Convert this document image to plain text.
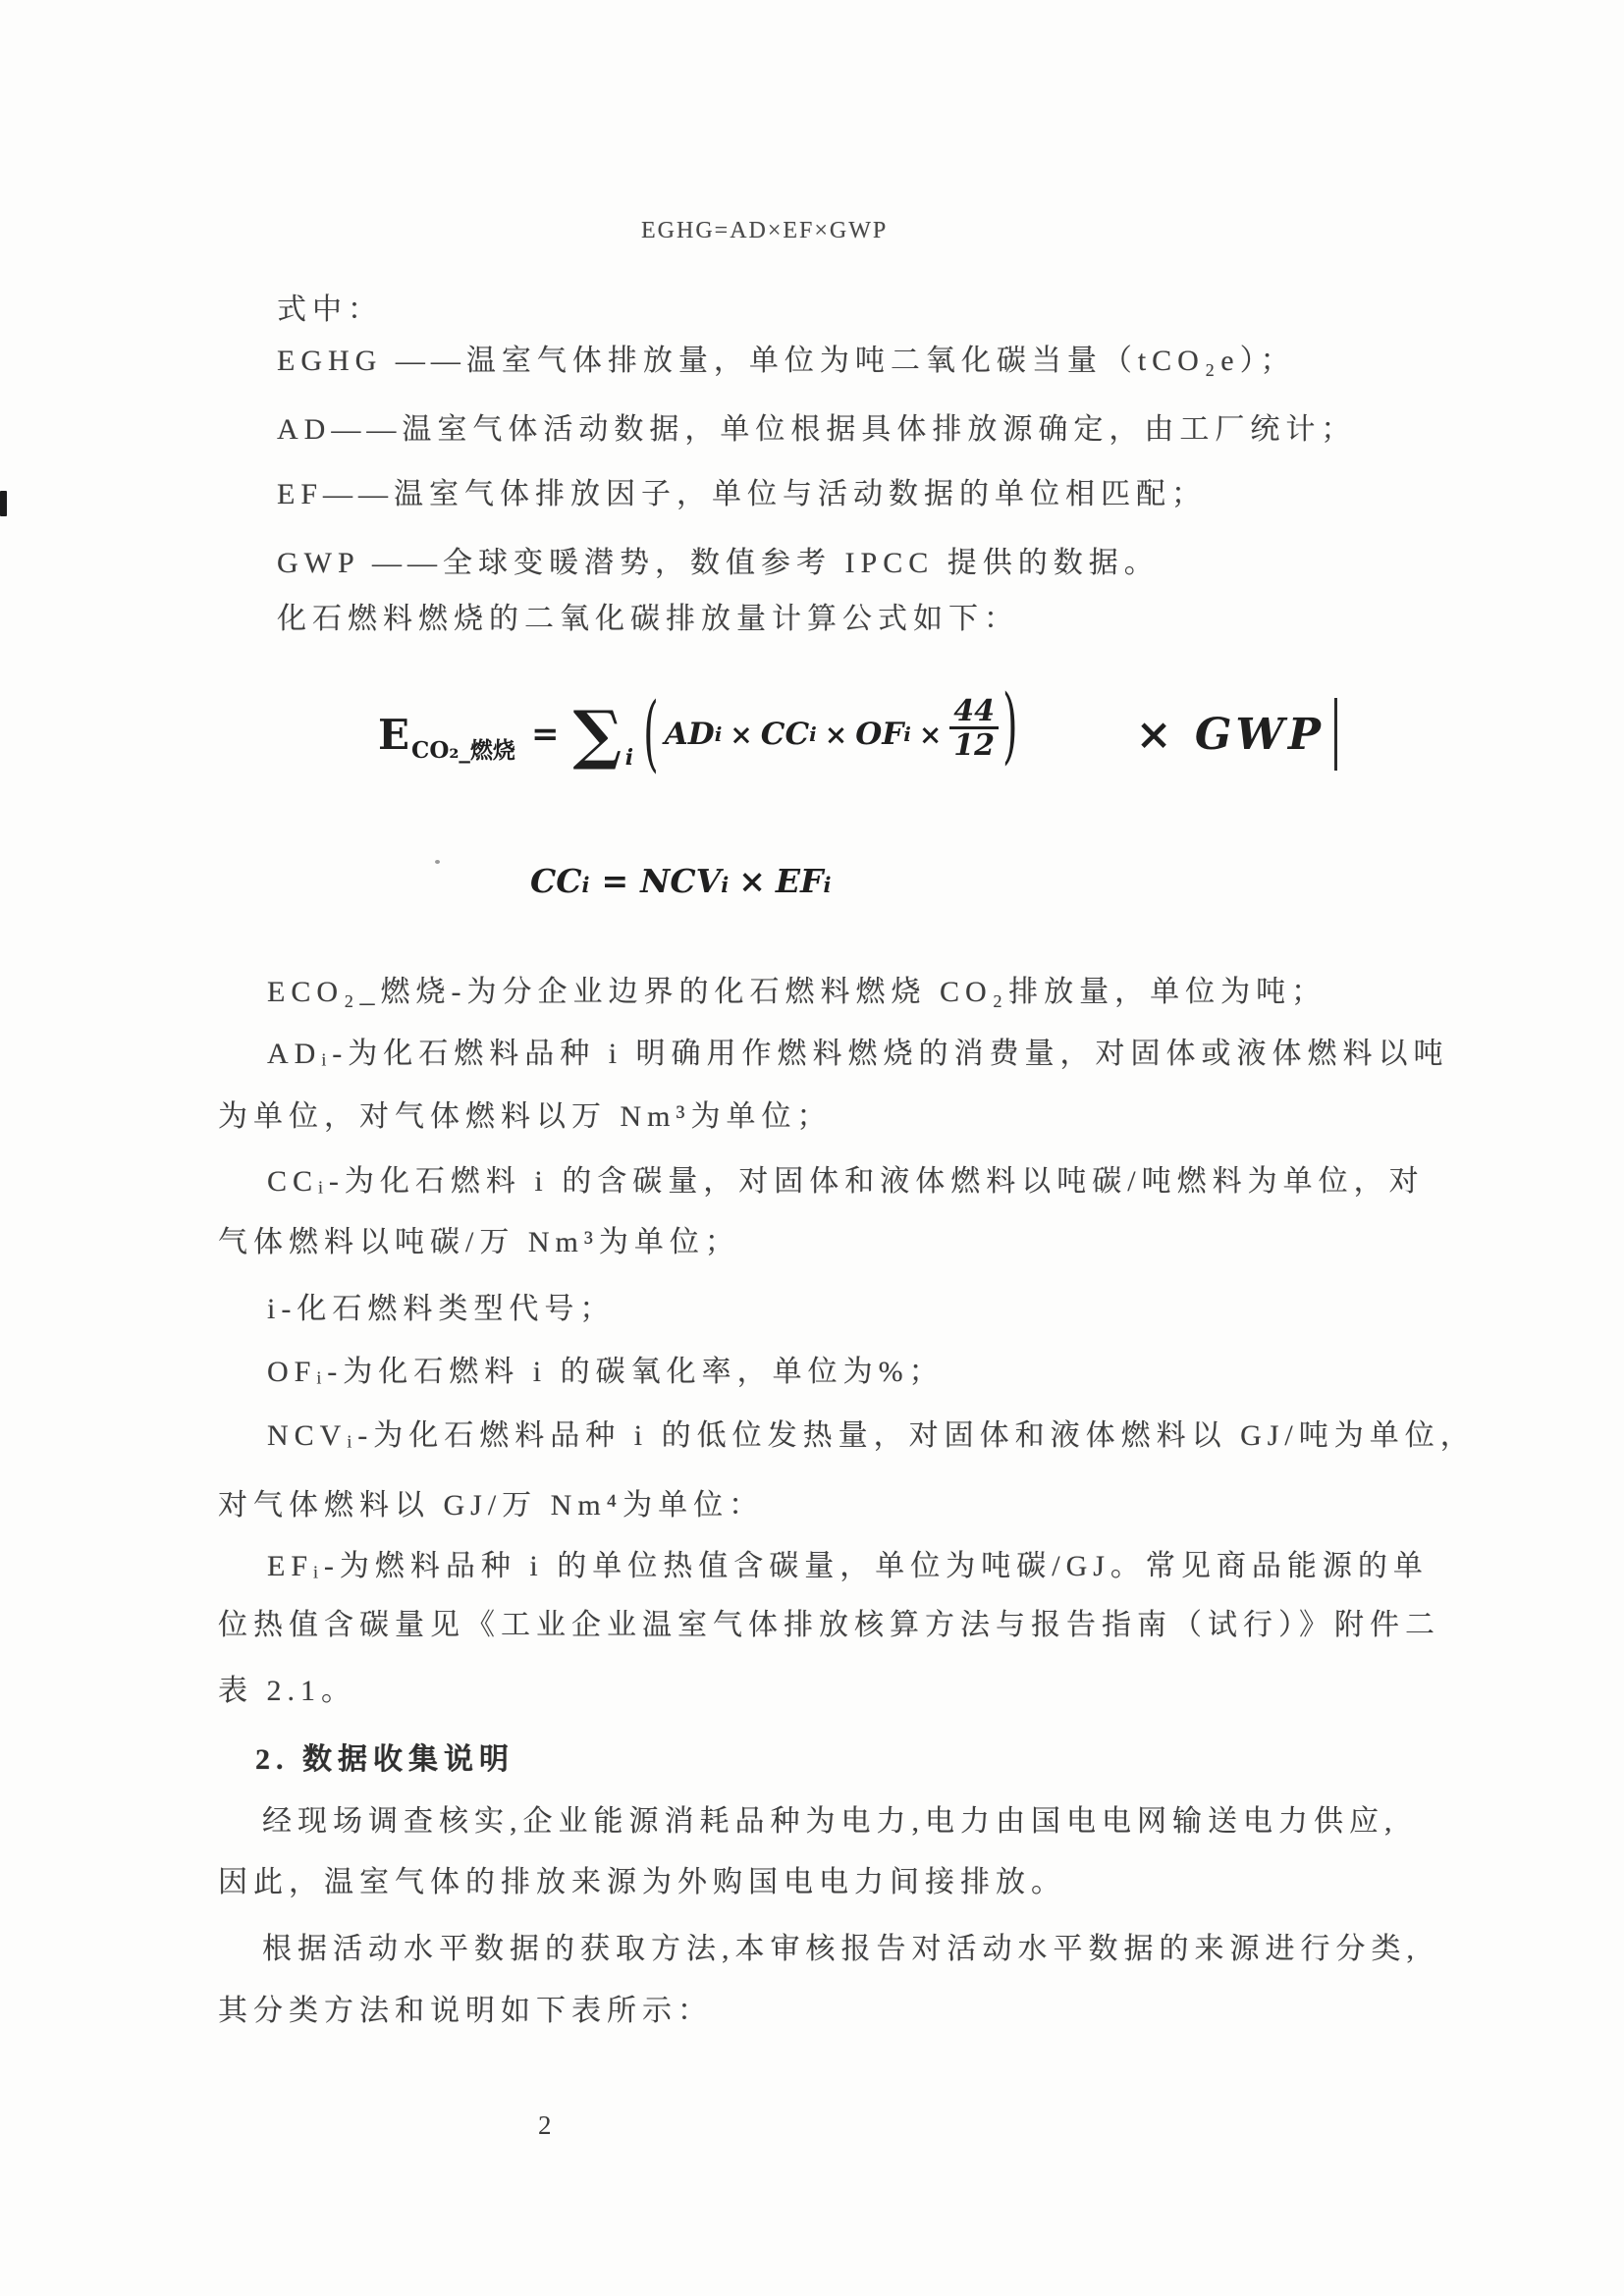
EGHG=AD×EF×GWP
式中：
EGHG ——温室气体排放量，单位为吨二氧化碳当量（tCO₂e）；
AD——温室气体活动数据，单位根据具体排放源确定，由工厂统计；
EF——温室气体排放因子，单位与活动数据的单位相匹配；
GWP ——全球变暖潜势，数值参考 IPCC 提供的数据。
化石燃料燃烧的二氧化碳排放量计算公式如下：
E CO₂_燃烧 = ∑ i ( AD i × CC i × OF $i \times \frac{44}{12}$ )	× GWP
CC i = NCV i × EF i
ECO₂_燃烧-为分企业边界的化石燃料燃烧 CO₂排放量，单位为吨；
ADᵢ-为化石燃料品种 i 明确用作燃料燃烧的消费量，对固体或液体燃料以吨
为单位，对气体燃料以万 Nm³为单位；
CCᵢ-为化石燃料 i 的含碳量，对固体和液体燃料以吨碳/吨燃料为单位，对
气体燃料以吨碳/万 Nm³为单位；
i-化石燃料类型代号；
OFᵢ-为化石燃料 i 的碳氧化率，单位为%；
NCVᵢ-为化石燃料品种 i 的低位发热量，对固体和液体燃料以 GJ/吨为单位，
对气体燃料以 GJ/万 Nm⁴为单位：
EFᵢ-为燃料品种 i 的单位热值含碳量，单位为吨碳/GJ。常见商品能源的单
位热值含碳量见《工业企业温室气体排放核算方法与报告指南（试行）》附件二
表 2.1。
2. 数据收集说明
经现场调查核实,企业能源消耗品种为电力,电力由国电电网输送电力供应,
因此，温室气体的排放来源为外购国电电力间接排放。
根据活动水平数据的获取方法,本审核报告对活动水平数据的来源进行分类,
其分类方法和说明如下表所示：
2
